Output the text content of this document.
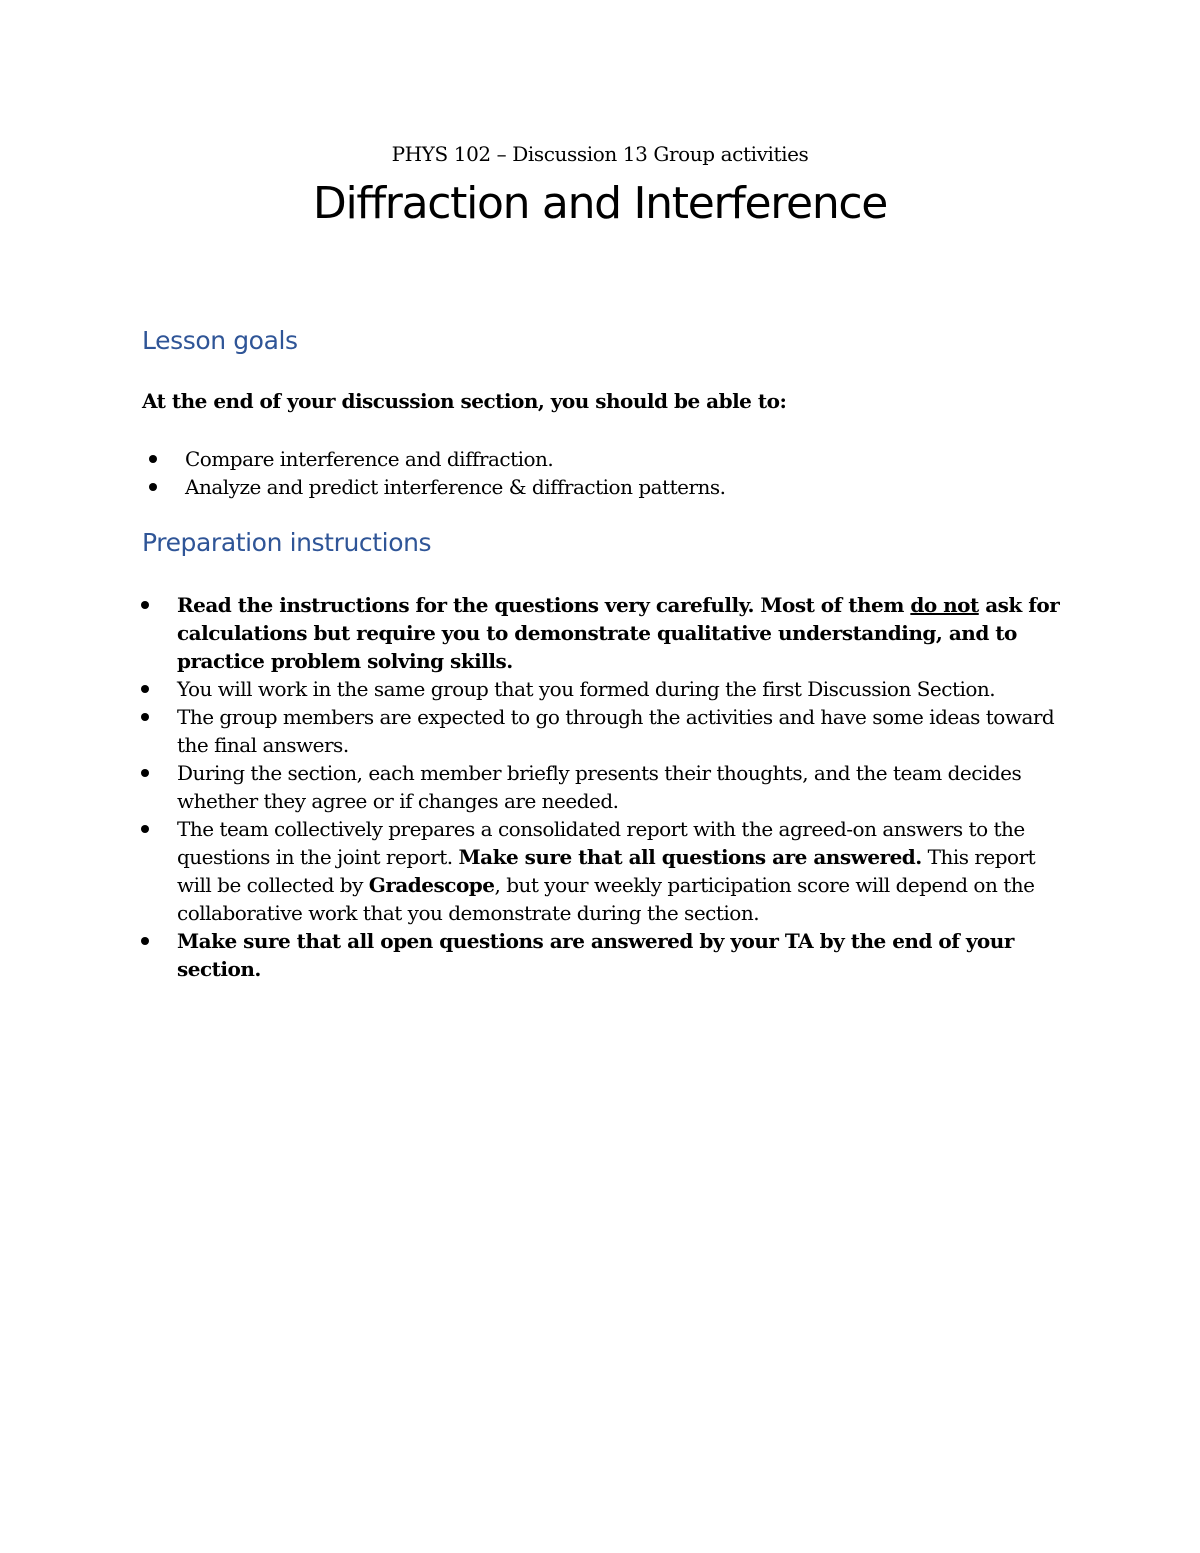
PHYS 102 – Discussion 13 Group activities
Diffraction and Interference
Lesson goals
At the end of your discussion section, you should be able to:
Compare interference and diffraction.
Analyze and predict interference & diffraction patterns.
Preparation instructions
Read the instructions for the questions very carefully. Most of them do not ask for calculations but require you to demonstrate qualitative understanding, and to practice problem solving skills.
You will work in the same group that you formed during the first Discussion Section.
The group members are expected to go through the activities and have some ideas toward the final answers.
During the section, each member briefly presents their thoughts, and the team decides whether they agree or if changes are needed.
The team collectively prepares a consolidated report with the agreed-on answers to the questions in the joint report. Make sure that all questions are answered. This report will be collected by Gradescope, but your weekly participation score will depend on the collaborative work that you demonstrate during the section.
Make sure that all open questions are answered by your TA by the end of your section.
